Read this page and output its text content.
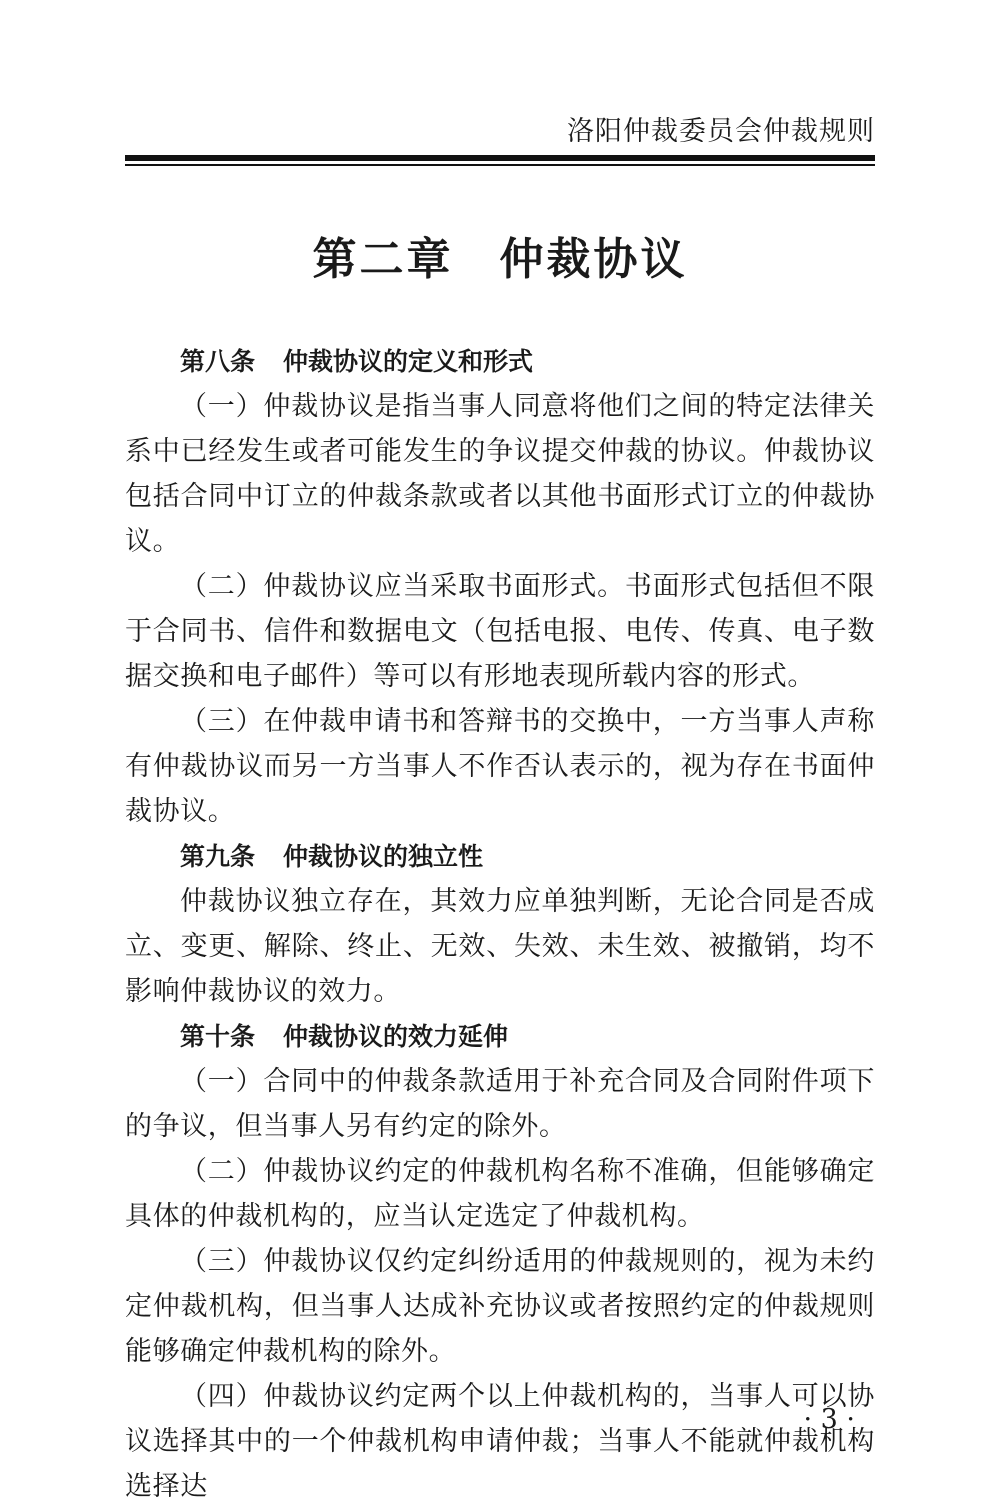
洛阳仲裁委员会仲裁规则
第二章 仲裁协议

第八条 仲裁协议的定义和形式

（一）仲裁协议是指当事人同意将他们之间的特定法律关系中已经发生或者可能发生的争议提交仲裁的协议。仲裁协议包括合同中订立的仲裁条款或者以其他书面形式订立的仲裁协议。

（二）仲裁协议应当采取书面形式。书面形式包括但不限于合同书、信件和数据电文（包括电报、电传、传真、电子数据交换和电子邮件）等可以有形地表现所载内容的形式。

（三）在仲裁申请书和答辩书的交换中，一方当事人声称有仲裁协议而另一方当事人不作否认表示的，视为存在书面仲裁协议。

第九条 仲裁协议的独立性

仲裁协议独立存在，其效力应单独判断，无论合同是否成立、变更、解除、终止、无效、失效、未生效、被撤销，均不影响仲裁协议的效力。

第十条 仲裁协议的效力延伸

（一）合同中的仲裁条款适用于补充合同及合同附件项下的争议，但当事人另有约定的除外。

（二）仲裁协议约定的仲裁机构名称不准确，但能够确定具体的仲裁机构的，应当认定选定了仲裁机构。

（三）仲裁协议仅约定纠纷适用的仲裁规则的，视为未约定仲裁机构，但当事人达成补充协议或者按照约定的仲裁规则能够确定仲裁机构的除外。

（四）仲裁协议约定两个以上仲裁机构的，当事人可以协议选择其中的一个仲裁机构申请仲裁；当事人不能就仲裁机构选择达

· 3 ·
